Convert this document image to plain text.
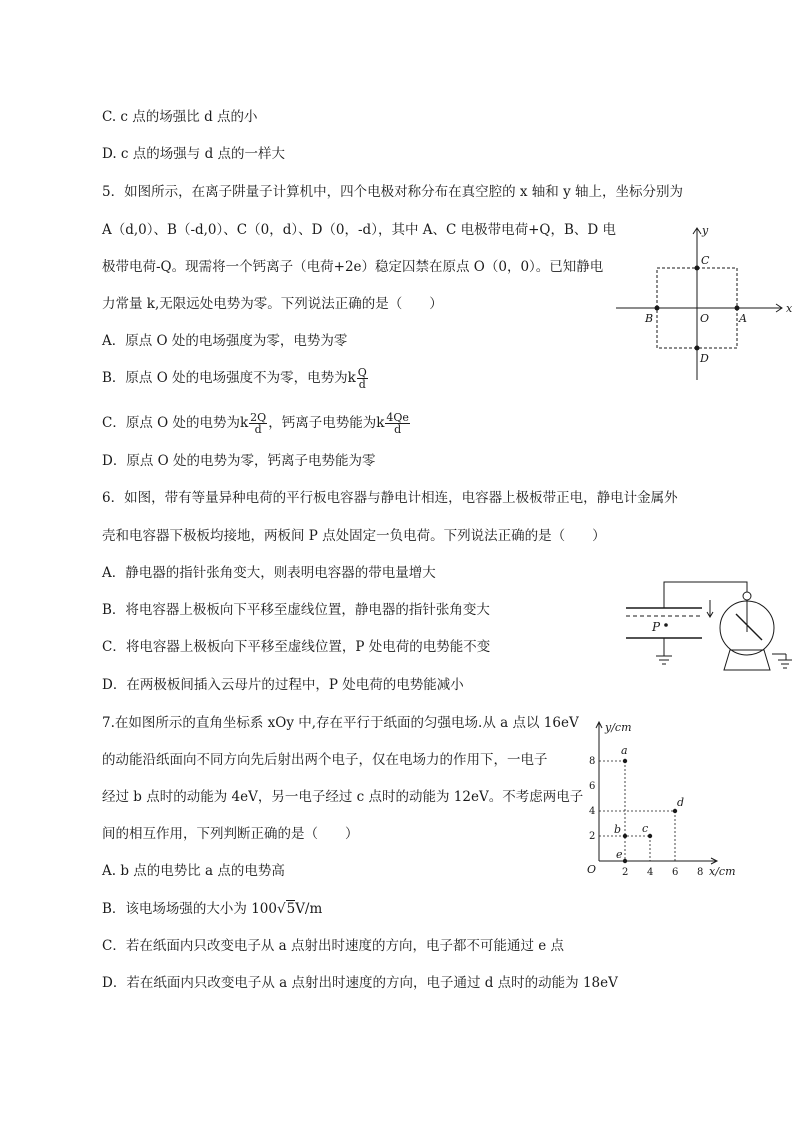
C. c 点的场强比 d 点的小
D. c 点的场强与 d 点的一样大
5．如图所示，在离子阱量子计算机中，四个电极对称分布在真空腔的 x 轴和 y 轴上，坐标分别为
A（d,0）、B（-d,0）、C（0，d）、D（0，-d），其中 A、C 电极带电荷+Q，B、D 电
极带电荷-Q。现需将一个钙离子（电荷+2e）稳定囚禁在原点 O（0，0）。已知静电
力常量 k,无限远处电势为零。下列说法正确的是（　　）
A．原点 O 处的电场强度为零，电势为零
B．原点 O 处的电场强度不为零，电势为k $\frac{Q}{d}$
C．原点 O 处的电势为k $\frac{2Q}{d}$ ，钙离子电势能为k $\frac{4Qe}{d}$
D．原点 O 处的电势为零，钙离子电势能为零
6．如图，带有等量异种电荷的平行板电容器与静电计相连，电容器上极板带正电，静电计金属外
壳和电容器下极板均接地，两板间 P 点处固定一负电荷。下列说法正确的是（　　）
A．静电器的指针张角变大，则表明电容器的带电量增大
B．将电容器上极板向下平移至虚线位置，静电器的指针张角变大
C．将电容器上极板向下平移至虚线位置，P 处电荷的电势能不变
D．在两极板间插入云母片的过程中，P 处电荷的电势能减小
7.在如图所示的直角坐标系 xOy 中,存在平行于纸面的匀强电场.从 a 点以 16eV
的动能沿纸面向不同方向先后射出两个电子，仅在电场力的作用下，一电子
经过 b 点时的动能为 4eV，另一电子经过 c 点时的动能为 12eV。不考虑两电子
间的相互作用，下列判断正确的是（　　）
A. b 点的电势比 a 点的电势高
B．该电场场强的大小为 100√5V/m
C．若在纸面内只改变电子从 a 点射出时速度的方向，电子都不可能通过 e 点
D．若在纸面内只改变电子从 a 点射出时速度的方向，电子通过 d 点时的动能为 18eV
x
y
A
B
C
D
O
P
y/cm
x/cm
O	2 4 6 8
2
4
6
8
a
b c
d
e
